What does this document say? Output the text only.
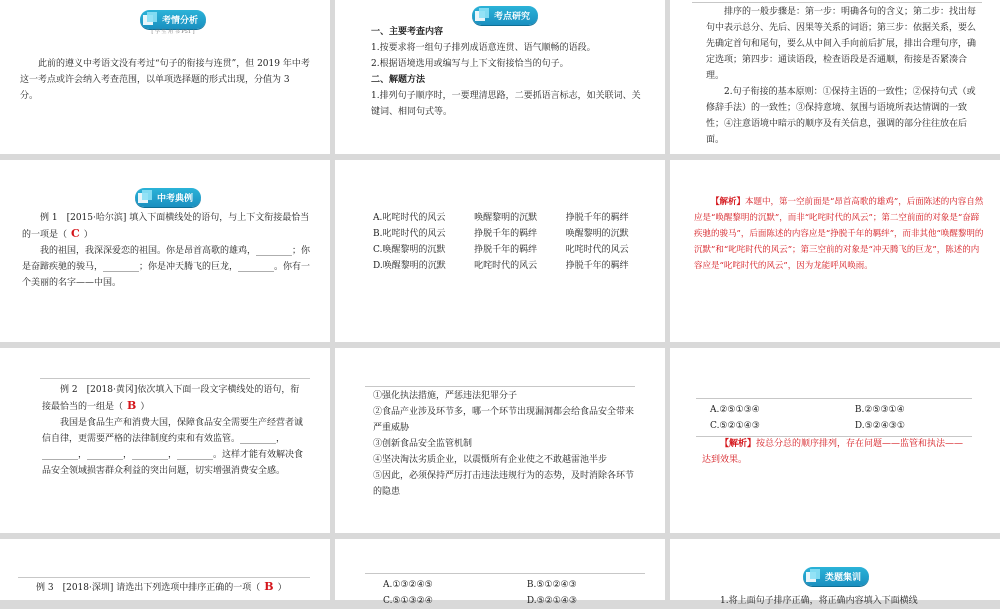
考情分析
[ 学 生 用 书 P51 ]
此前的遵义中考语文没有考过“句子的衔接与连贯”，但 2019 年中考这一考点或许会纳入考查范围，以单项选择题的形式出现，分值为 3 分。
考点研究

一、主要考查内容

1.按要求将一组句子排列成语意连贯、语气顺畅的语段。

2.根据语境选用或编写与上下文衔接恰当的句子。

二、解题方法

1.排列句子顺序时，一要理清思路，二要抓语言标志，如关联词、关键词、相同句式等。

排序的一般步骤是：第一步：明确各句的含义；第二步：找出每句中表示总分、先后、因果等关系的词语；第三步：依据关系，要么先确定首句和尾句，要么从中间入手向前后扩展，排出合理句序，确定选项；第四步：通读语段，检查语段是否通顺，衔接是否紧凑合理。

2.句子衔接的基本原则：①保持主语的一致性；②保持句式（或修辞手法）的一致性；③保持意境、氛围与语境所表达情调的一致性；④注意语境中暗示的顺序及有关信息，强调的部分往往放在后面。

中考典例

例 1　[2015·哈尔滨] 填入下面横线处的语句，与上下文衔接最恰当的一项是（ C ）

我的祖国，我深深爱恋的祖国。你是昂首高歌的雄鸡，________；你是奋蹄疾驰的骏马，________；你是冲天腾飞的巨龙，________。你有一个美丽的名字——中国。

A.叱咤时代的风云	唤醒黎明的沉默	挣脱千年的羁绊
B.叱咤时代的风云	挣脱千年的羁绊	唤醒黎明的沉默
C.唤醒黎明的沉默	挣脱千年的羁绊	叱咤时代的风云
D.唤醒黎明的沉默	叱咤时代的风云	挣脱千年的羁绊

【解析】本题中，第一空前面是“昂首高歌的雄鸡”，后面陈述的内容自然应是“唤醒黎明的沉默”，而非“叱咤时代的风云”；第二空前面的对象是“奋蹄疾驰的骏马”，后面陈述的内容应是“挣脱千年的羁绊”，而非其他“唤醒黎明的沉默”和“叱咤时代的风云”；第三空前的对象是“冲天腾飞的巨龙”，陈述的内容应是“叱咤时代的风云”，因为龙能呼风唤雨。

例 2　[2018·黄冈]依次填入下面一段文字横线处的语句，衔接最恰当的一组是（ B ）

我国是食品生产和消费大国，保障食品安全需要生产经营者诚信自律，更需要严格的法律制度约束和有效监管。________，________，________，________，________。这样才能有效解决食品安全领域损害群众利益的突出问题，切实增强消费安全感。

①强化执法措施，严惩违法犯罪分子

②食品产业涉及环节多，哪一个环节出现漏洞都会给食品安全带来严重威胁

③创新食品安全监管机制

④坚决淘汰劣质企业，以震慑所有企业使之不敢越雷池半步

⑤因此，必须保持严厉打击违法违规行为的态势，及时消除各环节的隐患

A.②⑤①③④	B.②⑤③①④
C.⑤②①④③	D.⑤②④③①

【解析】按总分总的顺序排列，存在问题——监管和执法——达到效果。

例 3　[2018·深圳] 请选出下列选项中排序正确的一项（ B ）	A.①③②④⑤	B.⑤①②④③
C.⑤①③②④	D.⑤②①④③
类题集训
1.将上面句子排序正确，将正确内容填入下面横线
